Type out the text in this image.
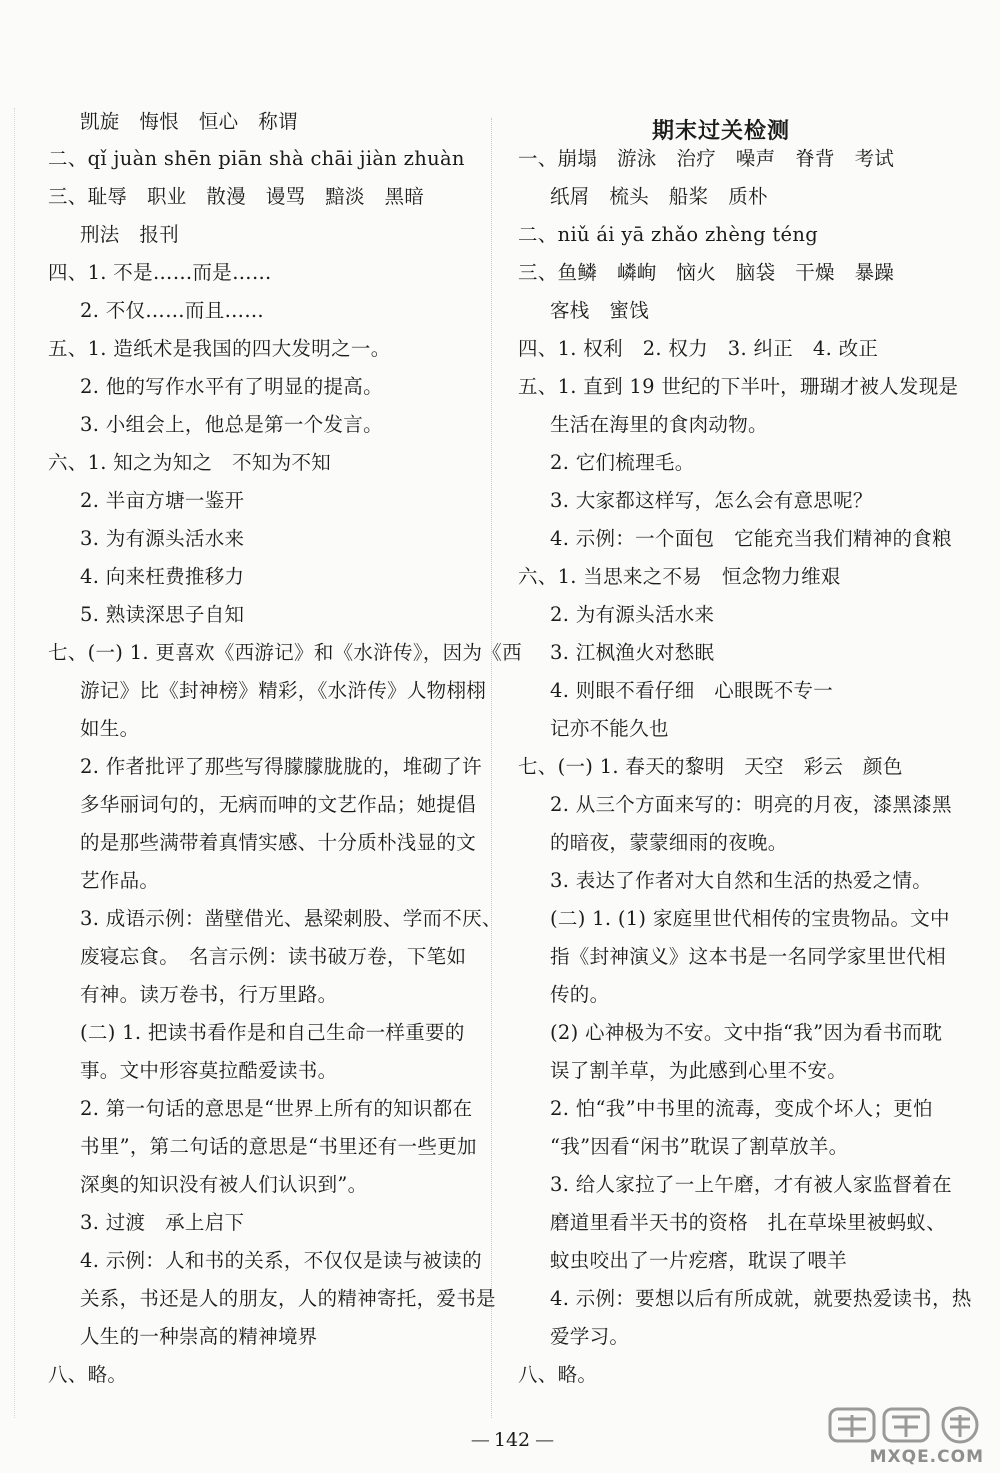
凯旋　悔恨　恒心　称谓
二、qǐ juàn shēn piān shà chāi jiàn zhuàn
三、耻辱　职业　散漫　谩骂　黯淡　黑暗
刑法　报刊
四、1. 不是……而是……
2. 不仅……而且……
五、1. 造纸术是我国的四大发明之一。
2. 他的写作水平有了明显的提高。
3. 小组会上，他总是第一个发言。
六、1. 知之为知之　不知为不知
2. 半亩方塘一鉴开
3. 为有源头活水来
4. 向来枉费推移力
5. 熟读深思子自知
七、(一) 1. 更喜欢《西游记》和《水浒传》，因为《西
游记》比《封神榜》精彩，《水浒传》人物栩栩
如生。
2. 作者批评了那些写得朦朦胧胧的，堆砌了许
多华丽词句的，无病而呻的文艺作品；她提倡
的是那些满带着真情实感、十分质朴浅显的文
艺作品。
3. 成语示例：凿壁借光、悬梁刺股、学而不厌、
废寝忘食。　名言示例：读书破万卷，下笔如
有神。读万卷书，行万里路。
(二) 1. 把读书看作是和自己生命一样重要的
事。文中形容莫拉酷爱读书。
2. 第一句话的意思是“世界上所有的知识都在
书里”，第二句话的意思是“书里还有一些更加
深奥的知识没有被人们认识到”。
3. 过渡　承上启下
4. 示例：人和书的关系，不仅仅是读与被读的
关系，书还是人的朋友，人的精神寄托，爱书是
人生的一种崇高的精神境界
八、略。
一、崩塌　游泳　治疗　噪声　脊背　考试
纸屑　梳头　船桨　质朴
二、niǔ ái yā zhǎo zhèng téng
三、鱼鳞　嶙峋　恼火　脑袋　干燥　暴躁
客栈　蜜饯
四、1. 权利　2. 权力　3. 纠正　4. 改正
五、1. 直到 19 世纪的下半叶，珊瑚才被人发现是
生活在海里的食肉动物。
2. 它们梳理毛。
3. 大家都这样写，怎么会有意思呢？
4. 示例：一个面包　它能充当我们精神的食粮
六、1. 当思来之不易　恒念物力维艰
2. 为有源头活水来
3. 江枫渔火对愁眠
4. 则眼不看仔细　心眼既不专一
记亦不能久也
七、(一) 1. 春天的黎明　天空　彩云　颜色
2. 从三个方面来写的：明亮的月夜，漆黑漆黑
的暗夜，蒙蒙细雨的夜晚。
3. 表达了作者对大自然和生活的热爱之情。
(二) 1. (1) 家庭里世代相传的宝贵物品。文中
指《封神演义》这本书是一名同学家里世代相
传的。
(2) 心神极为不安。文中指“我”因为看书而耽
误了割羊草，为此感到心里不安。
2. 怕“我”中书里的流毒，变成个坏人；更怕
“我”因看“闲书”耽误了割草放羊。
3. 给人家拉了一上午磨，才有被人家监督着在
磨道里看半天书的资格　扎在草垛里被蚂蚁、
蚊虫咬出了一片疙瘩，耽误了喂羊
4. 示例：要想以后有所成就，就要热爱读书，热
爱学习。
八、略。
期末过关检测
— 142 —
MXQE.COM
